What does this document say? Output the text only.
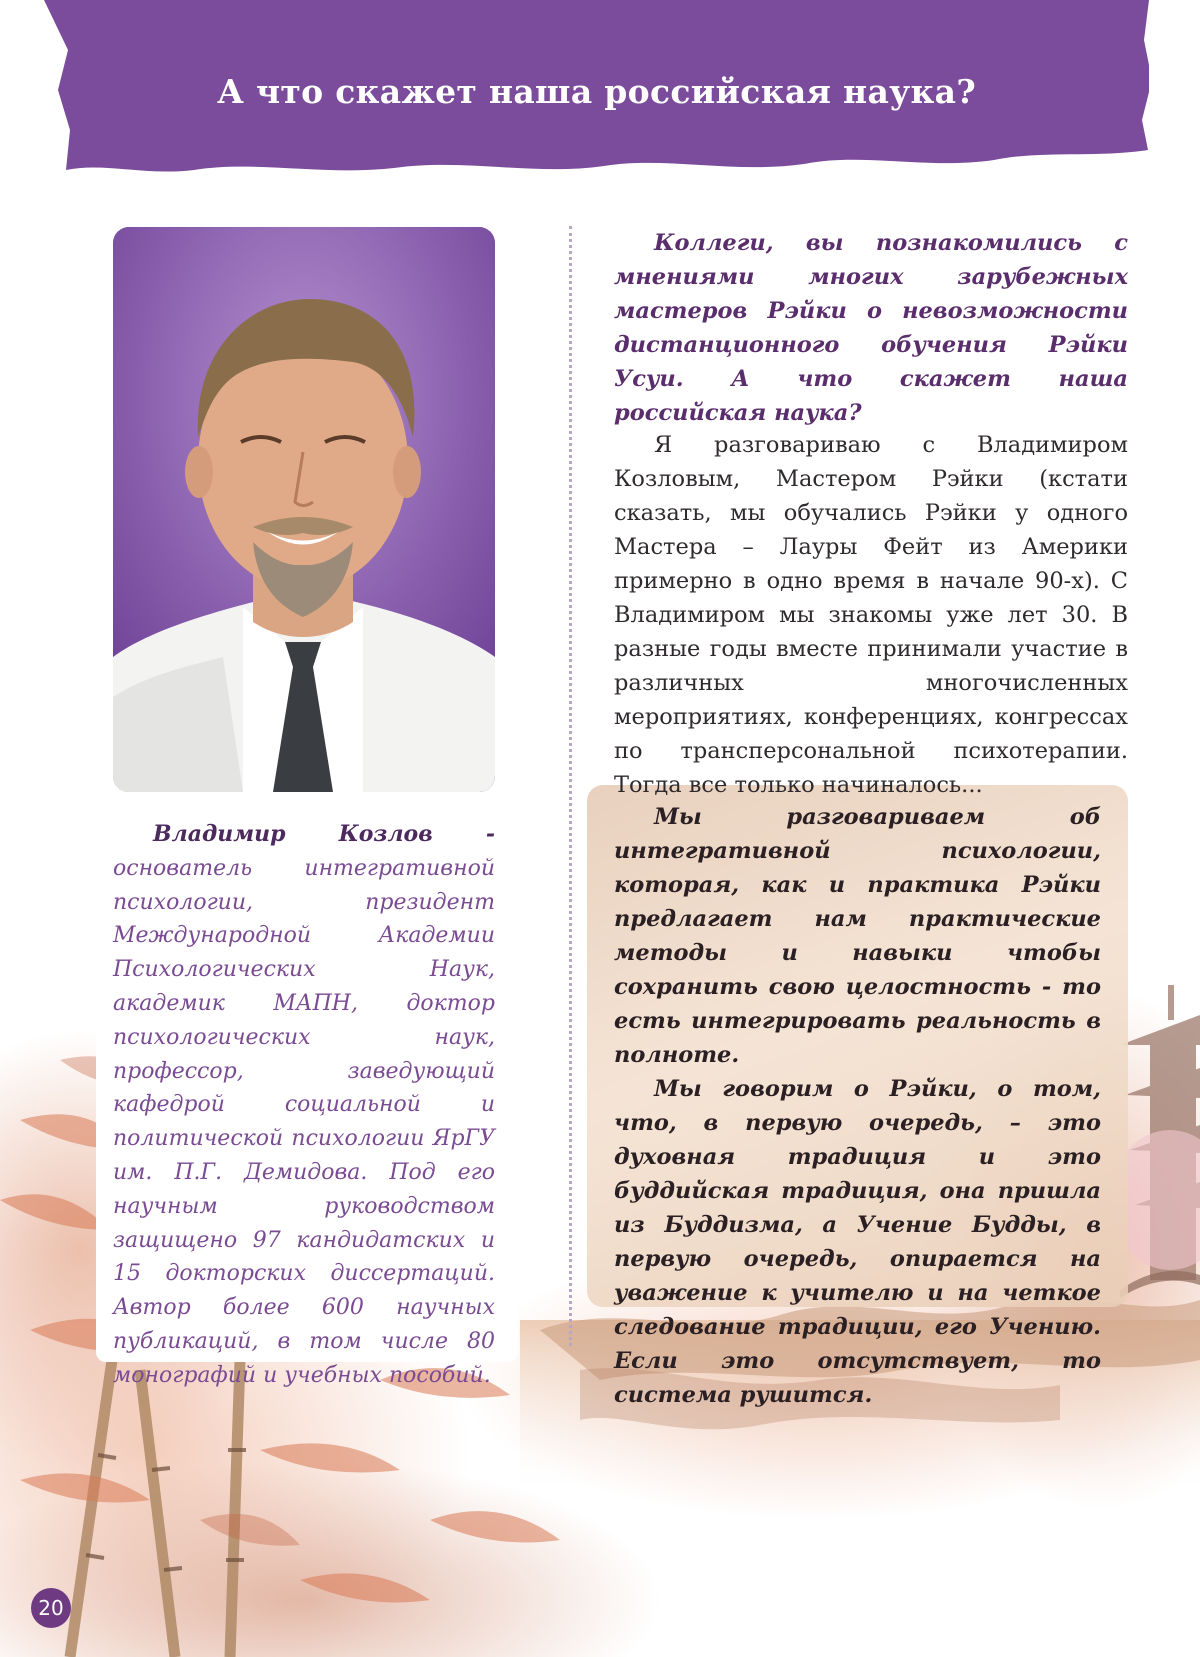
А что скажет наша российская наука?
Владимир Козлов - основатель интегративной психологии, президент Международной Академии Психологических Наук, академик МАПН, доктор психологических наук, профессор, заведующий кафедрой социальной и политической психологии ЯрГУ им. П.Г. Демидова. Под его научным руководством защищено 97 кандидатских и 15 докторских диссертаций. Автор более 600 научных публикаций, в том числе 80 монографий и учебных пособий.
Коллеги, вы познакомились с мнениями многих зарубежных мастеров Рэйки о невозможности дистанционного обучения Рэйки Усуи. А что скажет наша российская наука?
Я разговариваю с Владимиром Козловым, Мастером Рэйки (кстати сказать, мы обучались Рэйки у одного Мастера – Лауры Фейт из Америки примерно в одно время в начале 90-х). С Владимиром мы знакомы уже лет 30. В разные годы вместе принимали участие в различных многочисленных мероприятиях, конференциях, конгрессах по трансперсональной психотерапии. Тогда все только начиналось...

Мы разговариваем об интегративной психологии, которая, как и практика Рэйки предлагает нам практические методы и навыки чтобы сохранить свою целостность - то есть интегрировать реальность в полноте.

Мы говорим о Рэйки, о том, что, в первую очередь, – это духовная традиция и это буддийская традиция, она пришла из Буддизма, а Учение Будды, в первую очередь, опирается на уважение к учителю и на четкое следование традиции, его Учению. Если это отсутствует, то система рушится.

20
